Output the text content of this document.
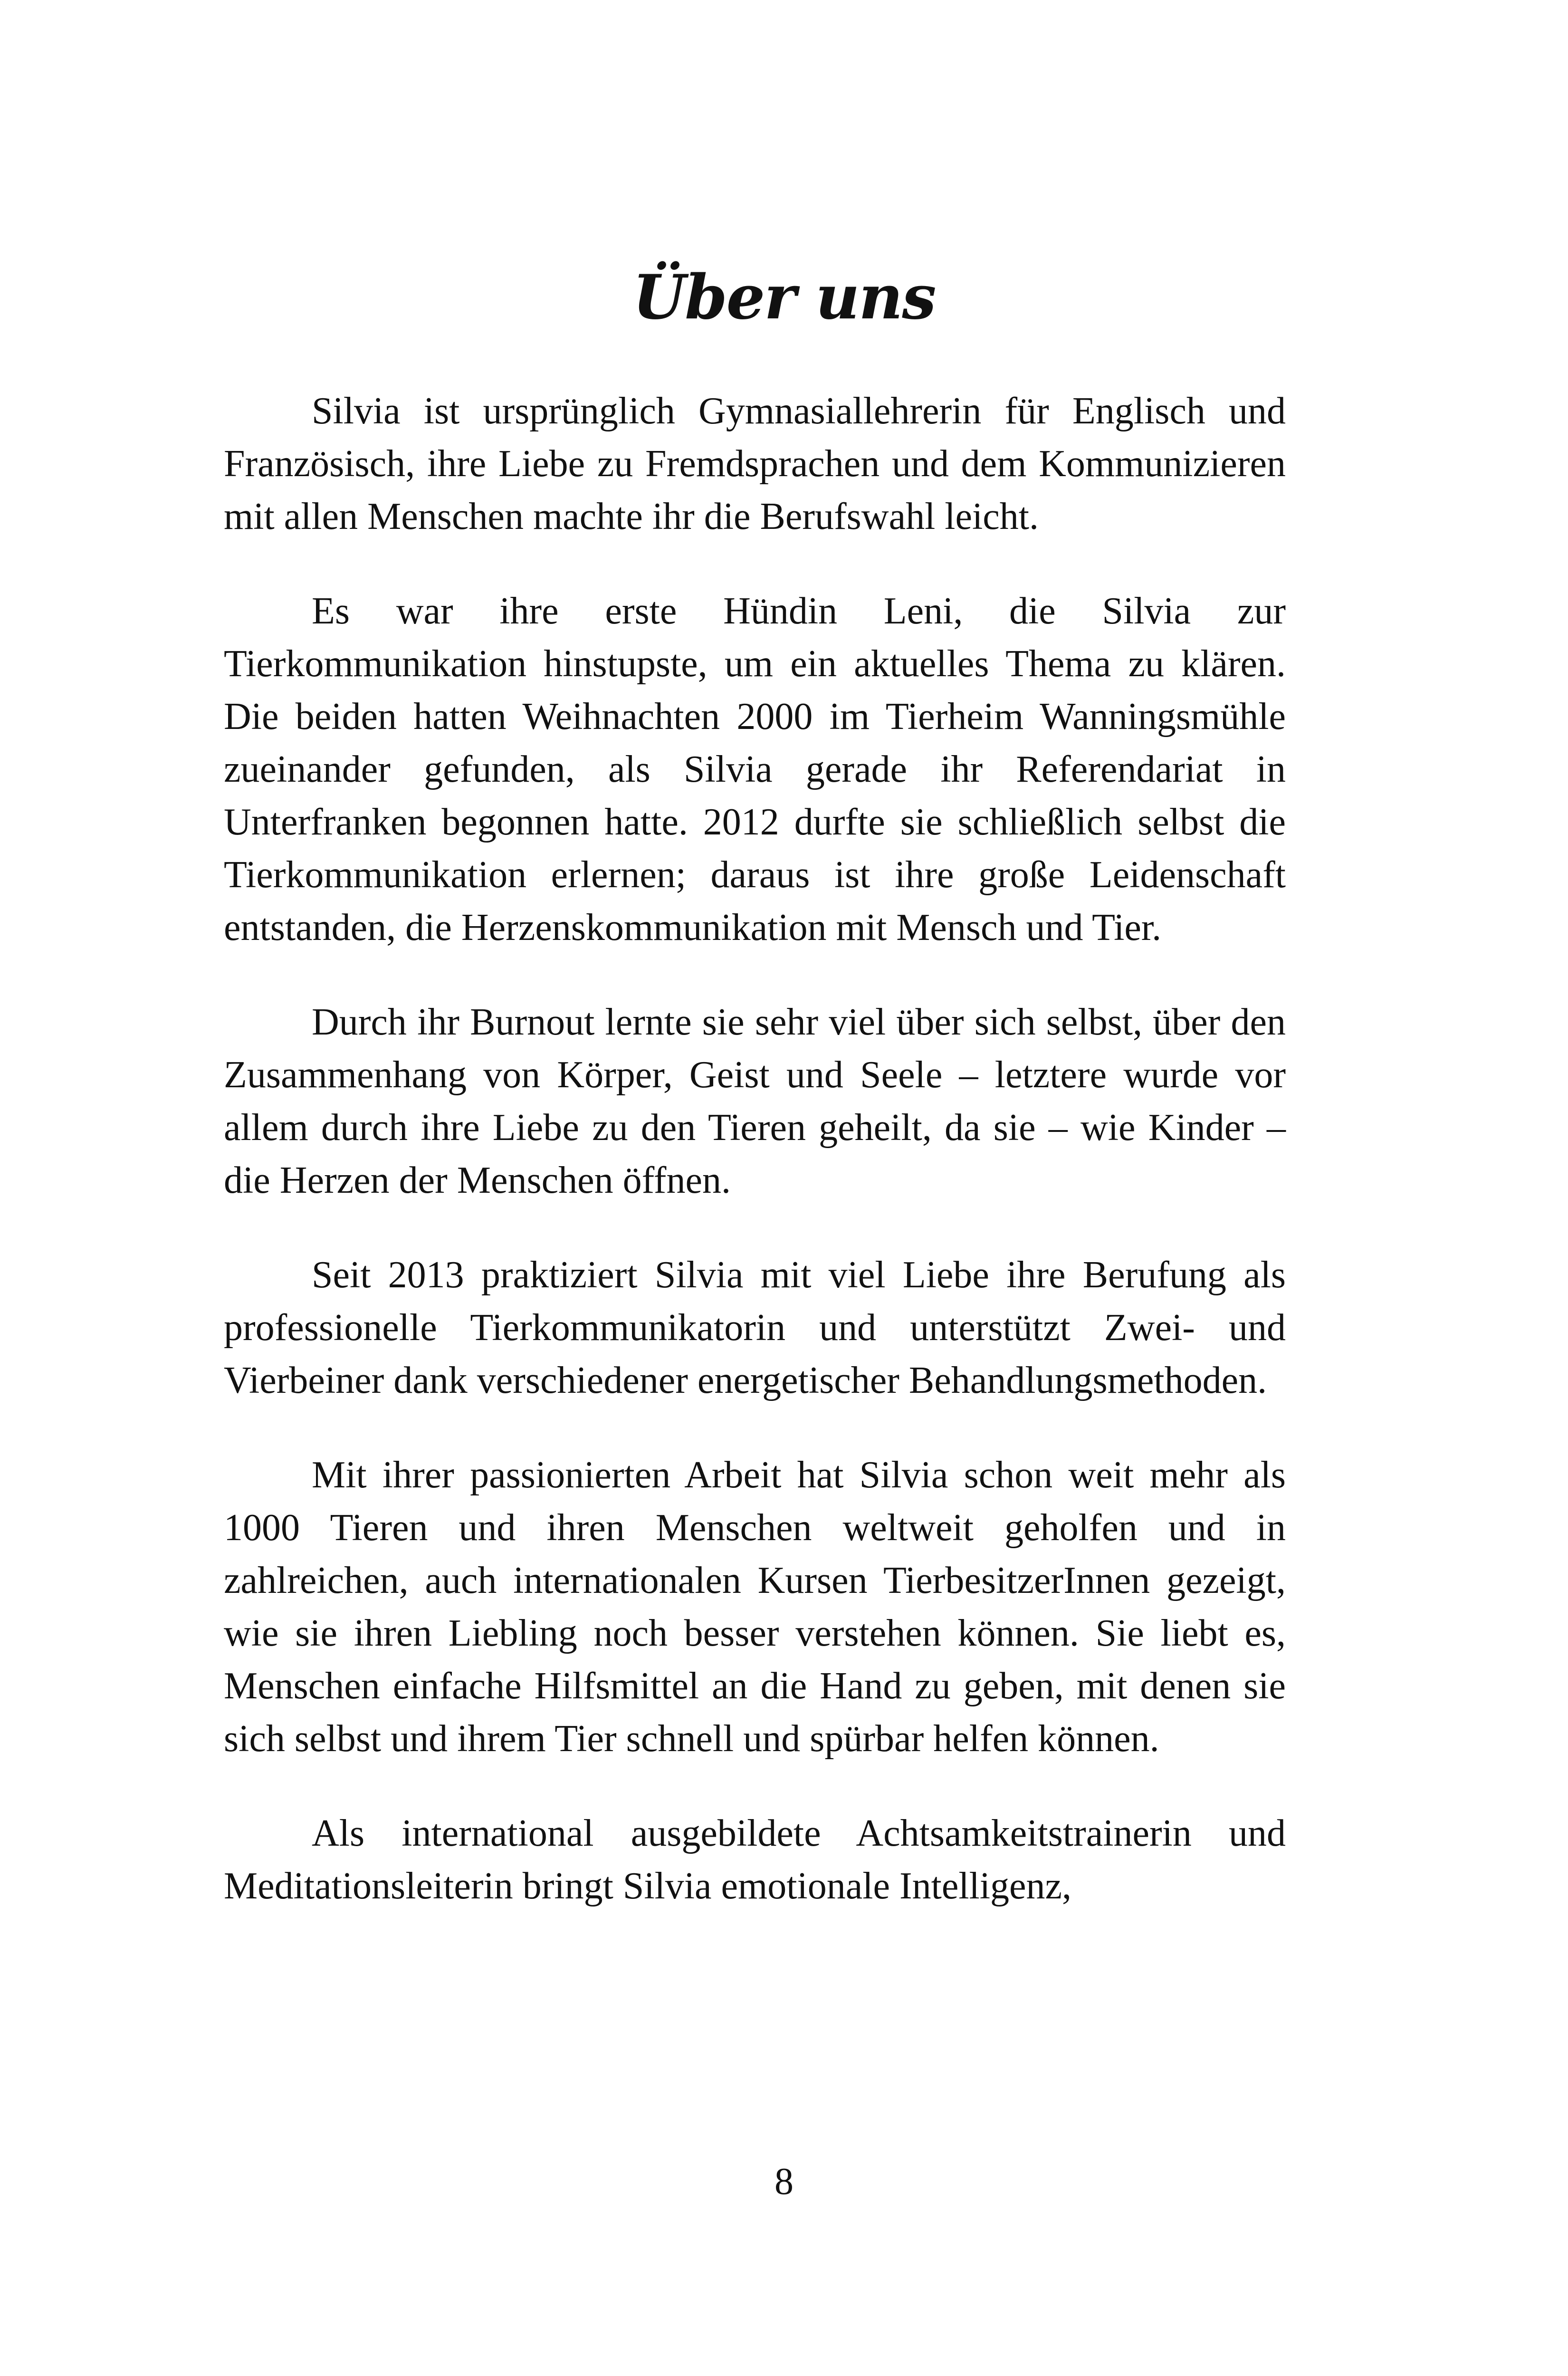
Über uns

Silvia ist ursprünglich Gymnasiallehrerin für Englisch und Französisch, ihre Liebe zu Fremdsprachen und dem Kommunizieren mit allen Menschen machte ihr die Berufswahl leicht.

Es war ihre erste Hündin Leni, die Silvia zur Tierkommunikation hinstupste, um ein aktuelles Thema zu klären. Die beiden hatten Weihnachten 2000 im Tierheim Wanningsmühle zueinander gefunden, als Silvia gerade ihr Referendariat in Unterfranken begonnen hatte. 2012 durfte sie schließlich selbst die Tierkommunikation erlernen; daraus ist ihre große Leidenschaft entstanden, die Herzenskommunikation mit Mensch und Tier.

Durch ihr Burnout lernte sie sehr viel über sich selbst, über den Zusammenhang von Körper, Geist und Seele – letztere wurde vor allem durch ihre Liebe zu den Tieren geheilt, da sie – wie Kinder – die Herzen der Menschen öffnen.

Seit 2013 praktiziert Silvia mit viel Liebe ihre Berufung als professionelle Tierkommunikatorin und unterstützt Zwei- und Vierbeiner dank verschiedener energetischer Behandlungsmethoden.

Mit ihrer passionierten Arbeit hat Silvia schon weit mehr als 1000 Tieren und ihren Menschen weltweit geholfen und in zahlreichen, auch internationalen Kursen TierbesitzerInnen gezeigt, wie sie ihren Liebling noch besser verstehen können. Sie liebt es, Menschen einfache Hilfsmittel an die Hand zu geben, mit denen sie sich selbst und ihrem Tier schnell und spürbar helfen können.

Als international ausgebildete Achtsamkeitstrainerin und Meditationsleiterin bringt Silvia emotionale Intelligenz,

8
